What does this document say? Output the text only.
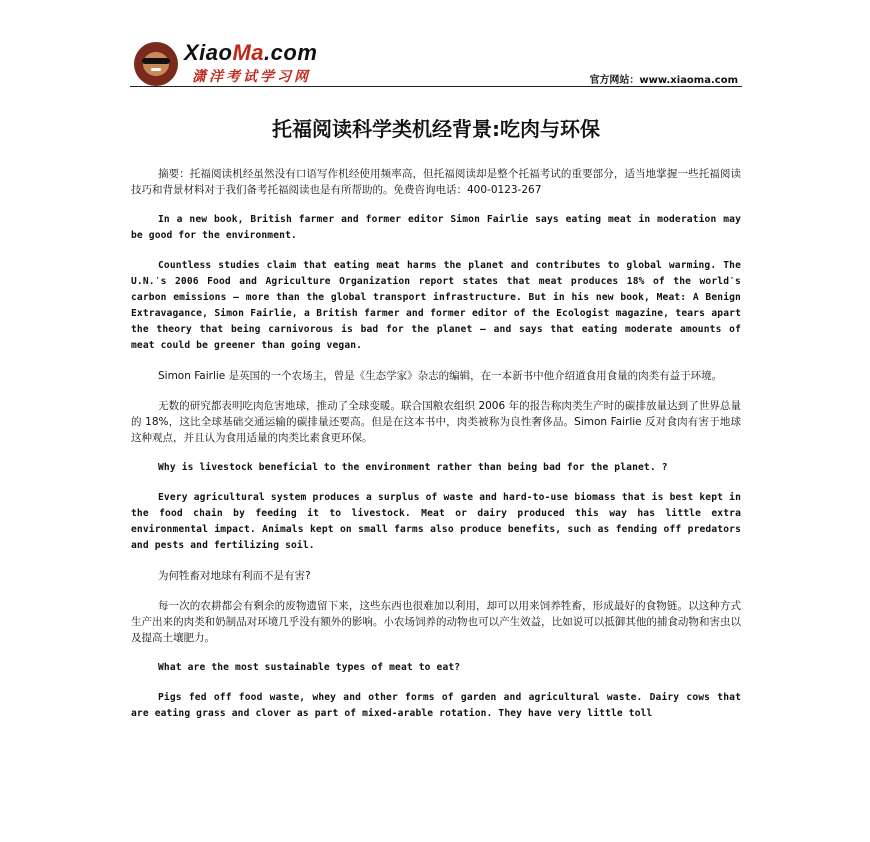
XiaoMa.com
潇洋考试学习网	官方网站：www.xiaoma.com
托福阅读科学类机经背景:吃肉与环保

摘要：托福阅读机经虽然没有口语写作机经使用频率高，但托福阅读却是整个托福考试的重要部分，适当地掌握一些托福阅读技巧和背景材料对于我们备考托福阅读也是有所帮助的。免费咨询电话：400-0123-267

In a new book, British farmer and former editor Simon Fairlie says eating meat in moderation may be good for the environment.

Countless studies claim that eating meat harms the planet and contributes to global warming. The U.N.′s 2006 Food and Agriculture Organization report states that meat produces 18% of the world′s carbon emissions — more than the global transport infrastructure. But in his new book, Meat: A Benign Extravagance, Simon Fairlie, a British farmer and former editor of the Ecologist magazine, tears apart the theory that being carnivorous is bad for the planet — and says that eating moderate amounts of meat could be greener than going vegan.

Simon Fairlie 是英国的一个农场主，曾是《生态学家》杂志的编辑，在一本新书中他介绍道食用食量的肉类有益于环境。

无数的研究都表明吃肉危害地球，推动了全球变暖。联合国粮农组织 2006 年的报告称肉类生产时的碳排放量达到了世界总量的 18%，这比全球基础交通运输的碳排量还要高。但是在这本书中，肉类被称为良性奢侈品。Simon Fairlie 反对食肉有害于地球这种观点，并且认为食用适量的肉类比素食更环保。

Why is livestock beneficial to the environment rather than being bad for the planet. ?

Every agricultural system produces a surplus of waste and hard-to-use biomass that is best kept in the food chain by feeding it to livestock. Meat or dairy produced this way has little extra environmental impact. Animals kept on small farms also produce benefits, such as fending off predators and pests and fertilizing soil.

为何牲畜对地球有利而不是有害?

每一次的农耕都会有剩余的废物遗留下来，这些东西也很难加以利用，却可以用来饲养牲畜，形成最好的食物链。以这种方式生产出来的肉类和奶制品对环境几乎没有额外的影响。小农场饲养的动物也可以产生效益，比如说可以抵御其他的捕食动物和害虫以及提高土壤肥力。

What are the most sustainable types of meat to eat?

Pigs fed off food waste, whey and other forms of garden and agricultural waste. Dairy cows that are eating grass and clover as part of mixed-arable rotation. They have very little toll
